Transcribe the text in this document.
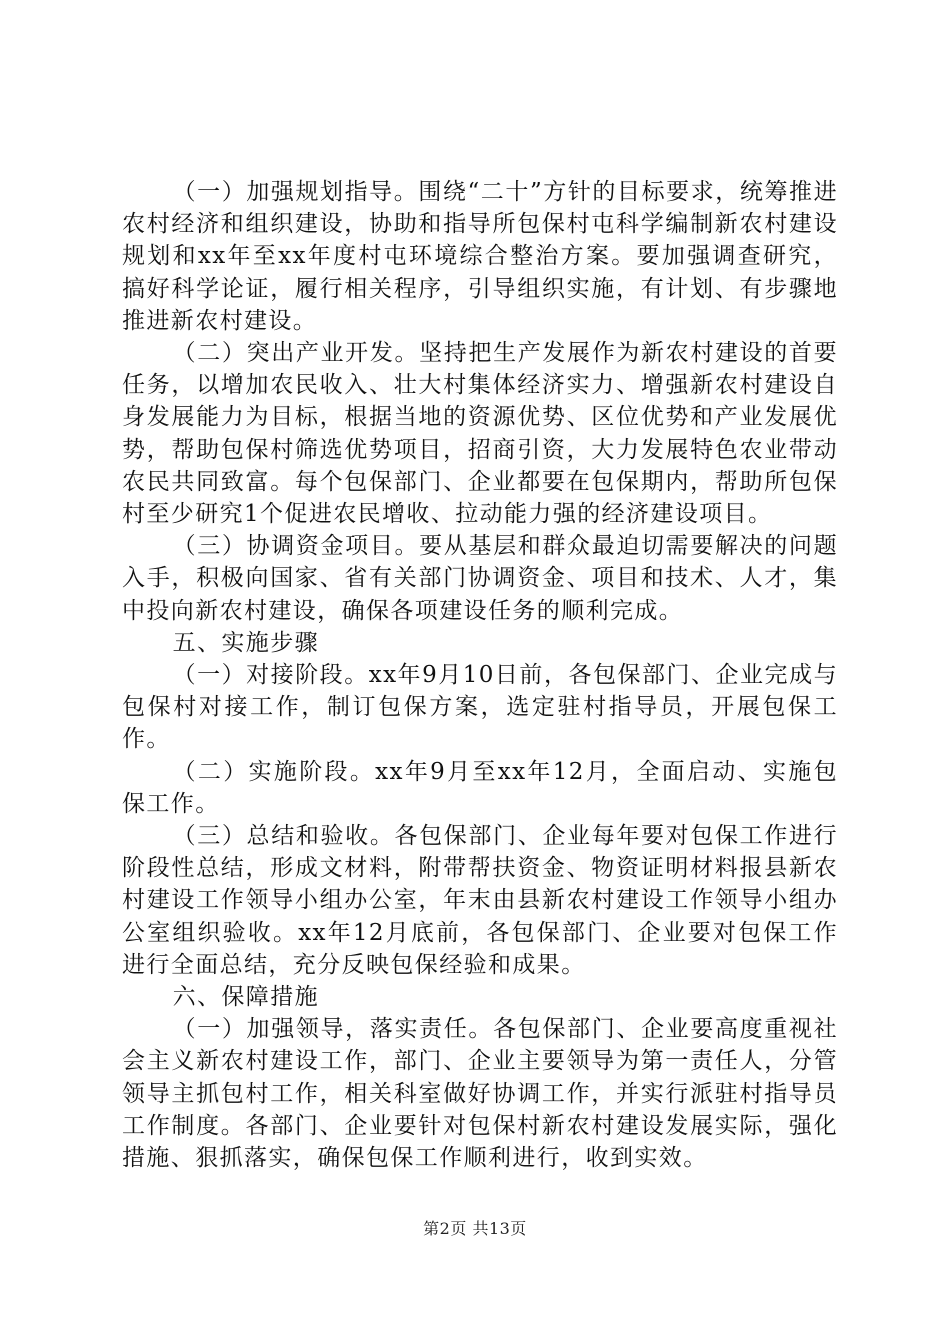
（一）加强规划指导。围绕“二十”方针的目标要求，统筹推进农村经济和组织建设，协助和指导所包保村屯科学编制新农村建设规划和xx年至xx年度村屯环境综合整治方案。要加强调查研究，搞好科学论证，履行相关程序，引导组织实施，有计划、有步骤地推进新农村建设。

（二）突出产业开发。坚持把生产发展作为新农村建设的首要任务，以增加农民收入、壮大村集体经济实力、增强新农村建设自身发展能力为目标，根据当地的资源优势、区位优势和产业发展优势，帮助包保村筛选优势项目，招商引资，大力发展特色农业带动农民共同致富。每个包保部门、企业都要在包保期内，帮助所包保村至少研究1个促进农民增收、拉动能力强的经济建设项目。

（三）协调资金项目。要从基层和群众最迫切需要解决的问题入手，积极向国家、省有关部门协调资金、项目和技术、人才，集中投向新农村建设，确保各项建设任务的顺利完成。

五、实施步骤

（一）对接阶段。xx年9月10日前，各包保部门、企业完成与包保村对接工作，制订包保方案，选定驻村指导员，开展包保工作。

（二）实施阶段。xx年9月至xx年12月，全面启动、实施包保工作。

（三）总结和验收。各包保部门、企业每年要对包保工作进行阶段性总结，形成文材料，附带帮扶资金、物资证明材料报县新农村建设工作领导小组办公室，年末由县新农村建设工作领导小组办公室组织验收。xx年12月底前，各包保部门、企业要对包保工作进行全面总结，充分反映包保经验和成果。

六、保障措施

（一）加强领导，落实责任。各包保部门、企业要高度重视社会主义新农村建设工作，部门、企业主要领导为第一责任人，分管领导主抓包村工作，相关科室做好协调工作，并实行派驻村指导员工作制度。各部门、企业要针对包保村新农村建设发展实际，强化措施、狠抓落实，确保包保工作顺利进行，收到实效。

第2页 共13页
